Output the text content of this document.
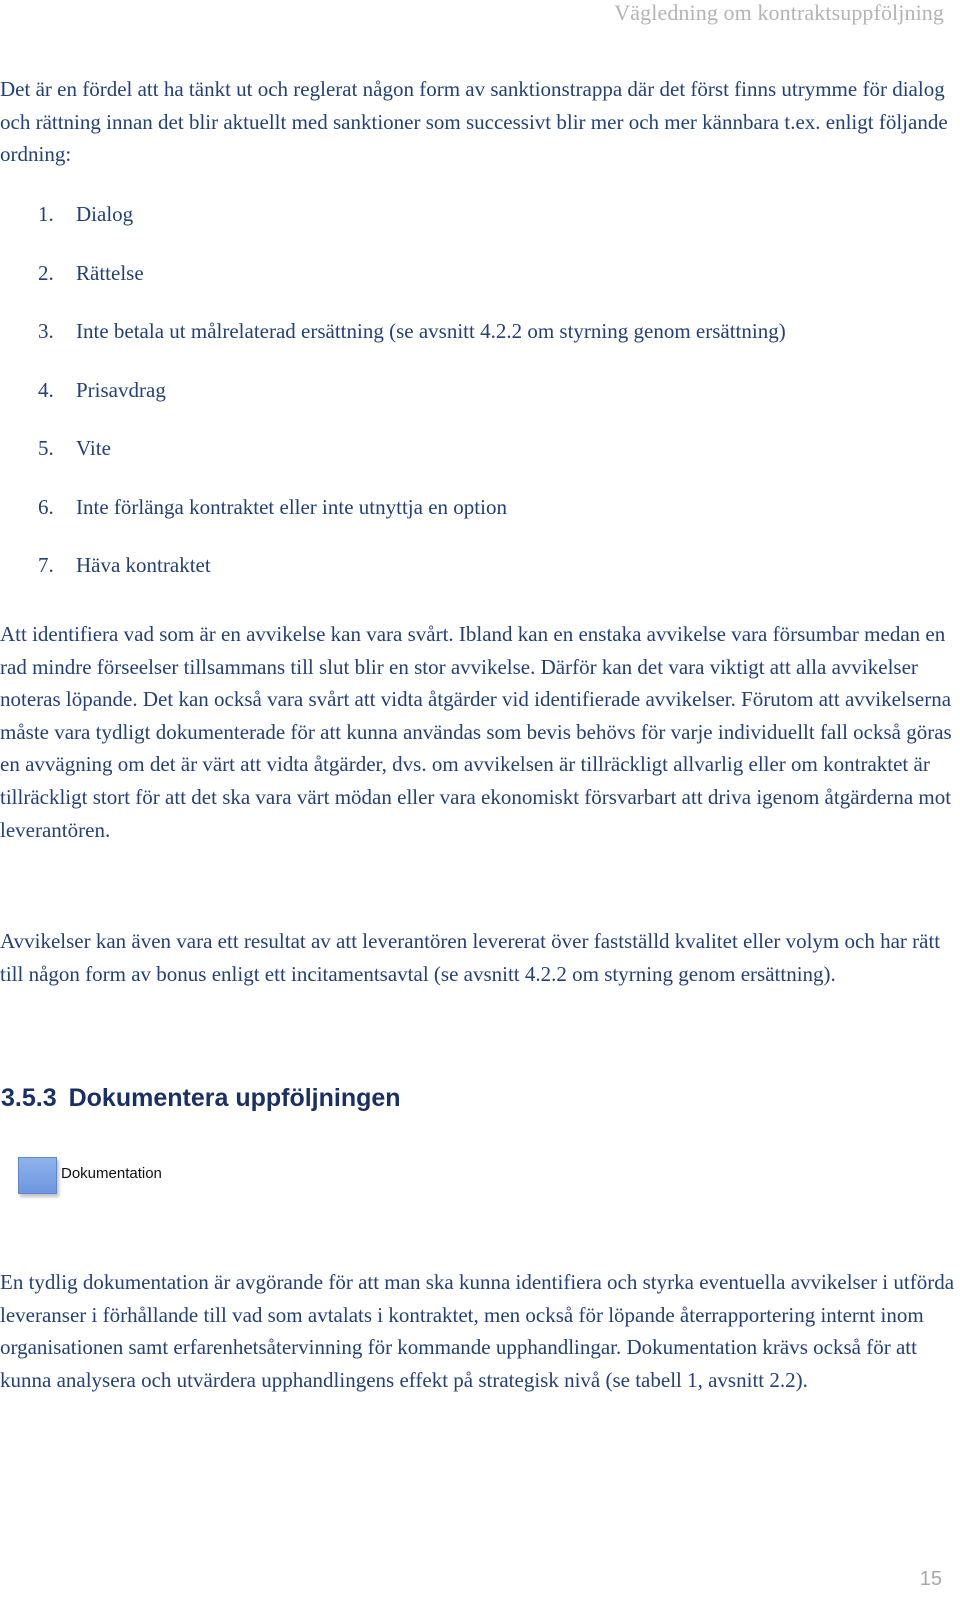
Vägledning om kontraktsuppföljning

Det är en fördel att ha tänkt ut och reglerat någon form av sanktionstrappa där det först finns utrymme för dialog och rättning innan det blir aktuellt med sanktioner som successivt blir mer och mer kännbara t.ex. enligt följande ordning:

1.	Dialog
2.	Rättelse
3.	Inte betala ut målrelaterad ersättning (se avsnitt 4.2.2 om styrning genom ersättning)
4.	Prisavdrag
5.	Vite
6.	Inte förlänga kontraktet eller inte utnyttja en option
7.	Häva kontraktet

Att identifiera vad som är en avvikelse kan vara svårt. Ibland kan en enstaka avvikelse vara försumbar medan en rad mindre förseelser tillsammans till slut blir en stor avvikelse. Därför kan det vara viktigt att alla avvikelser noteras löpande. Det kan också vara svårt att vidta åtgärder vid identifierade avvikelser. Förutom att avvikelserna måste vara tydligt dokumenterade för att kunna användas som bevis behövs för varje individuellt fall också göras en avvägning om det är värt att vidta åtgärder, dvs. om avvikelsen är tillräckligt allvarlig eller om kontraktet är tillräckligt stort för att det ska vara värt mödan eller vara ekonomiskt försvarbart att driva igenom åtgärderna mot leverantören.

Avvikelser kan även vara ett resultat av att leverantören levererat över fastställd kvalitet eller volym och har rätt till någon form av bonus enligt ett incitamentsavtal (se avsnitt 4.2.2 om styrning genom ersättning).

3.5.3 Dokumentera uppföljningen
Dokumentation

En tydlig dokumentation är avgörande för att man ska kunna identifiera och styrka eventuella avvikelser i utförda leveranser i förhållande till vad som avtalats i kontraktet, men också för löpande återrapportering internt inom organisationen samt erfarenhetsåtervinning för kommande upphandlingar. Dokumentation krävs också för att kunna analysera och utvärdera upphandlingens effekt på strategisk nivå (se tabell 1, avsnitt 2.2).

15
